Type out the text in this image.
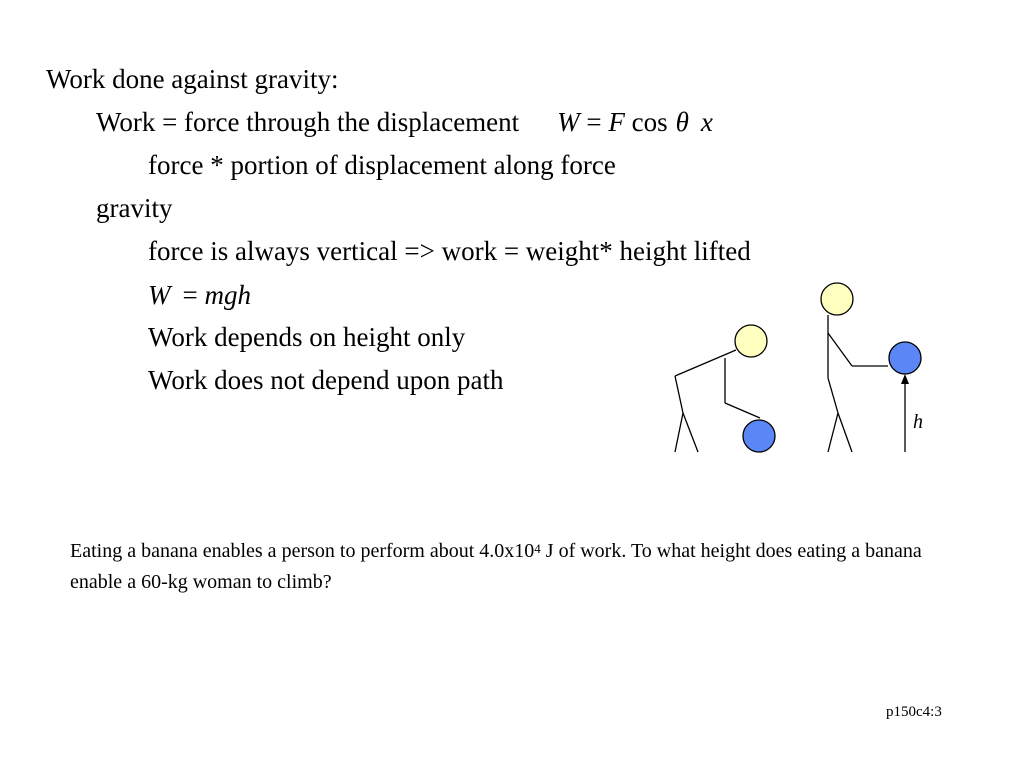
Work done against gravity:
Work = force through the displacement W = F cos θ x
force * portion of displacement along force
gravity
force is always vertical => work = weight* height lifted
W = mgh
Work depends on height only
Work does not depend upon path
h
Eating a banana enables a person to perform about $4.0x10^4$ J of work. To what height does eating a banana enable a 60-kg woman to climb?
p150c4:3
